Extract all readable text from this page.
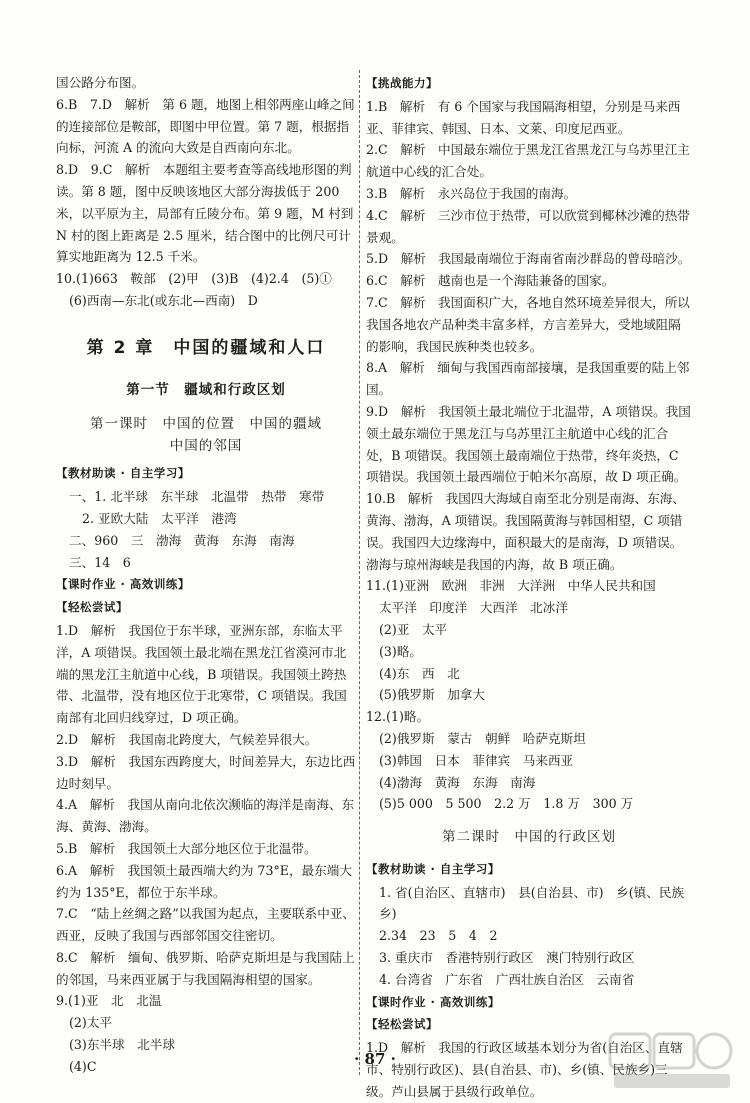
国公路分布图。

6.B　7.D　解析　第 6 题，地图上相邻两座山峰之间的连接部位是鞍部，即图中甲位置。第 7 题，根据指向标，河流 A 的流向大致是自西南向东北。

8.D　9.C　解析　本题组主要考查等高线地形图的判读。第 8 题，图中反映该地区大部分海拔低于 200 米，以平原为主，局部有丘陵分布。第 9 题，M 村到 N 村的图上距离是 2.5 厘米，结合图中的比例尺可计算实地距离为 12.5 千米。

10.(1)663　鞍部　(2)甲　(3)B　(4)2.4　(5)①

(6)西南—东北(或东北—西南)　D

第 2 章　中国的疆域和人口
第一节　疆域和行政区划
第一课时　中国的位置　中国的疆域
中国的邻国
【教材助读 · 自主学习】

一、1. 北半球　东半球　北温带　热带　寒带

2. 亚欧大陆　太平洋　港湾

二、960　三　渤海　黄海　东海　南海

三、14　6

【课时作业 · 高效训练】
【轻松尝试】

1.D　解析　我国位于东半球，亚洲东部，东临太平洋，A 项错误。我国领土最北端在黑龙江省漠河市北端的黑龙江主航道中心线，B 项错误。我国领土跨热带、北温带，没有地区位于北寒带，C 项错误。我国南部有北回归线穿过，D 项正确。

2.D　解析　我国南北跨度大，气候差异很大。

3.D　解析　我国东西跨度大，时间差异大，东边比西边时刻早。

4.A　解析　我国从南向北依次濒临的海洋是南海、东海、黄海、渤海。

5.B　解析　我国领土大部分地区位于北温带。

6.A　解析　我国领土最西端大约为 73°E，最东端大约为 135°E，都位于东半球。

7.C　“陆上丝绸之路”以我国为起点，主要联系中亚、西亚，反映了我国与西部邻国交往密切。

8.C　解析　缅甸、俄罗斯、哈萨克斯坦是与我国陆上的邻国，马来西亚属于与我国隔海相望的国家。

9.(1)亚　北　北温

(2)太平

(3)东半球　北半球

(4)C

【挑战能力】

1.B　解析　有 6 个国家与我国隔海相望，分别是马来西亚、菲律宾、韩国、日本、文莱、印度尼西亚。

2.C　解析　中国最东端位于黑龙江省黑龙江与乌苏里江主航道中心线的汇合处。

3.B　解析　永兴岛位于我国的南海。

4.C　解析　三沙市位于热带，可以欣赏到椰林沙滩的热带景观。

5.D　解析　我国最南端位于海南省南沙群岛的曾母暗沙。

6.C　解析　越南也是一个海陆兼备的国家。

7.C　解析　我国面积广大，各地自然环境差异很大，所以我国各地农产品种类丰富多样，方言差异大，受地域阻隔的影响，我国民族种类也较多。

8.A　解析　缅甸与我国西南部接壤，是我国重要的陆上邻国。

9.D　解析　我国领土最北端位于北温带，A 项错误。我国领土最东端位于黑龙江与乌苏里江主航道中心线的汇合处，B 项错误。我国领土最南端位于热带，终年炎热，C 项错误。我国领土最西端位于帕米尔高原，故 D 项正确。

10.B　解析　我国四大海域自南至北分别是南海、东海、黄海、渤海，A 项错误。我国隔黄海与韩国相望，C 项错误。我国四大边缘海中，面积最大的是南海，D 项错误。渤海与琼州海峡是我国的内海，故 B 项正确。

11.(1)亚洲　欧洲　非洲　大洋洲　中华人民共和国

太平洋　印度洋　大西洋　北冰洋

(2)亚　太平

(3)略。

(4)东　西　北

(5)俄罗斯　加拿大

12.(1)略。

(2)俄罗斯　蒙古　朝鲜　哈萨克斯坦

(3)韩国　日本　菲律宾　马来西亚

(4)渤海　黄海　东海　南海

(5)5 000　5 500　2.2 万　1.8 万　300 万

第二课时　中国的行政区划
【教材助读 · 自主学习】

1. 省(自治区、直辖市)　县(自治县、市)　乡(镇、民族乡)

2.34　23　5　4　2

3. 重庆市　香港特别行政区　澳门特别行政区

4. 台湾省　广东省　广西壮族自治区　云南省

【课时作业 · 高效训练】
【轻松尝试】

1.D　解析　我国的行政区域基本划分为省(自治区、直辖市、特别行政区)、县(自治县、市)、乡(镇、民族乡)三级。芦山县属于县级行政单位。

· 87 ·
